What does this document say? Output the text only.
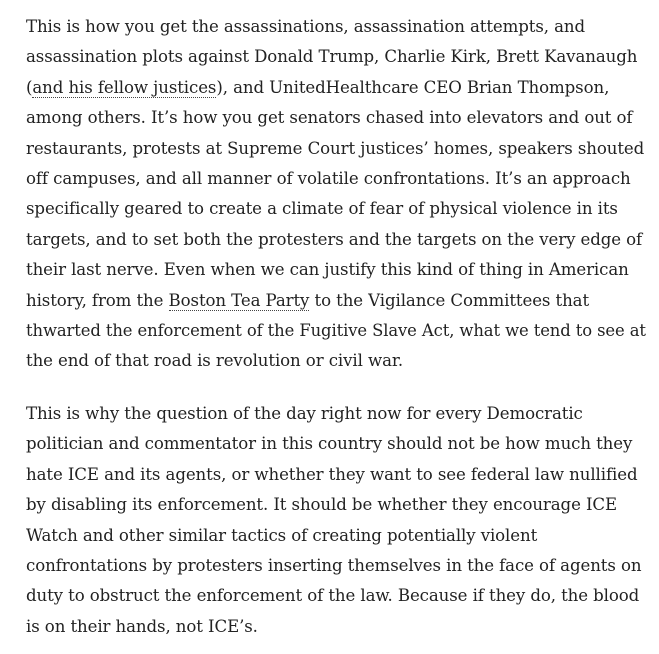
This is how you get the assassinations, assassination attempts, and
assassination plots against Donald Trump, Charlie Kirk, Brett Kavanaugh
(and his fellow justices), and UnitedHealthcare CEO Brian Thompson,
among others. It’s how you get senators chased into elevators and out of
restaurants, protests at Supreme Court justices’ homes, speakers shouted
off campuses, and all manner of volatile confrontations. It’s an approach
specifically geared to create a climate of fear of physical violence in its
targets, and to set both the protesters and the targets on the very edge of
their last nerve. Even when we can justify this kind of thing in American
history, from the Boston Tea Party to the Vigilance Committees that
thwarted the enforcement of the Fugitive Slave Act, what we tend to see at
the end of that road is revolution or civil war.

This is why the question of the day right now for every Democratic
politician and commentator in this country should not be how much they
hate ICE and its agents, or whether they want to see federal law nullified
by disabling its enforcement. It should be whether they encourage ICE
Watch and other similar tactics of creating potentially violent
confrontations by protesters inserting themselves in the face of agents on
duty to obstruct the enforcement of the law. Because if they do, the blood
is on their hands, not ICE’s.
